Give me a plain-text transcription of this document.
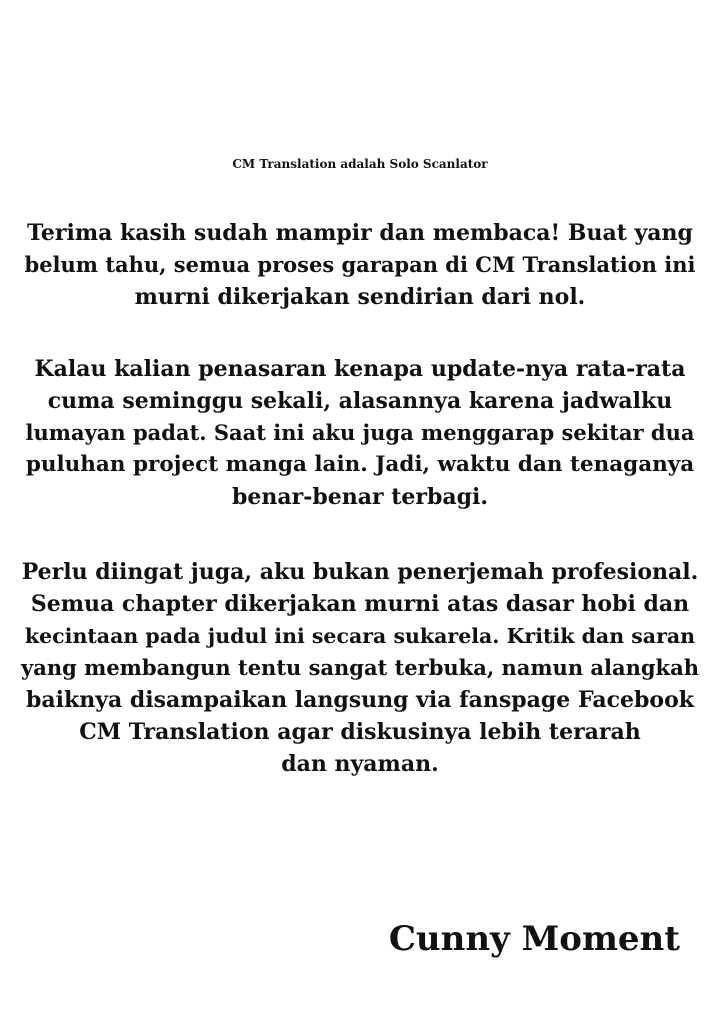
CM Translation adalah Solo Scanlator
Terima kasih sudah mampir dan membaca! Buat yang
belum tahu, semua proses garapan di CM Translation ini
murni dikerjakan sendirian dari nol.
Kalau kalian penasaran kenapa update-nya rata-rata
cuma seminggu sekali, alasannya karena jadwalku
lumayan padat. Saat ini aku juga menggarap sekitar dua
puluhan project manga lain. Jadi, waktu dan tenaganya
benar-benar terbagi.
Perlu diingat juga, aku bukan penerjemah profesional.
Semua chapter dikerjakan murni atas dasar hobi dan
kecintaan pada judul ini secara sukarela. Kritik dan saran
yang membangun tentu sangat terbuka, namun alangkah
baiknya disampaikan langsung via fanspage Facebook
CM Translation agar diskusinya lebih terarah
dan nyaman.
Cunny Moment
